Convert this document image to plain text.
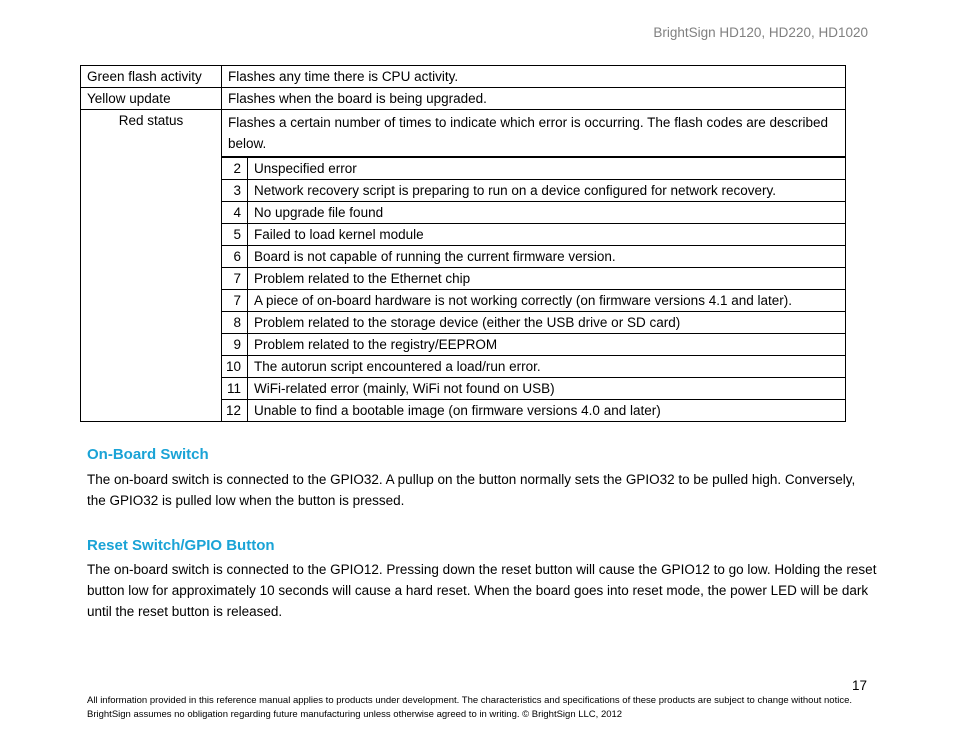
BrightSign HD120, HD220, HD1020
Green flash activity	Flashes any time there is CPU activity.
Yellow update	Flashes when the board is being upgraded.
Red status	Flashes a certain number of times to indicate which error is occurring. The flash codes are described below.

2	Unspecified error
3	Network recovery script is preparing to run on a device configured for network recovery.
4	No upgrade file found
5	Failed to load kernel module
6	Board is not capable of running the current firmware version.
7	Problem related to the Ethernet chip
7	A piece of on-board hardware is not working correctly (on firmware versions 4.1 and later).
8	Problem related to the storage device (either the USB drive or SD card)
9	Problem related to the registry/EEPROM
10	The autorun script encountered a load/run error.
11	WiFi-related error (mainly, WiFi not found on USB)
12	Unable to find a bootable image (on firmware versions 4.0 and later)
On-Board Switch

The on-board switch is connected to the GPIO32. A pullup on the button normally sets the GPIO32 to be pulled high. Conversely, the GPIO32 is pulled low when the button is pressed.

Reset Switch/GPIO Button

The on-board switch is connected to the GPIO12. Pressing down the reset button will cause the GPIO12 to go low. Holding the reset button low for approximately 10 seconds will cause a hard reset. When the board goes into reset mode, the power LED will be dark until the reset button is released.

17
All information provided in this reference manual applies to products under development. The characteristics and specifications of these products are subject to change without notice. BrightSign assumes no obligation regarding future manufacturing unless otherwise agreed to in writing. © BrightSign LLC, 2012
